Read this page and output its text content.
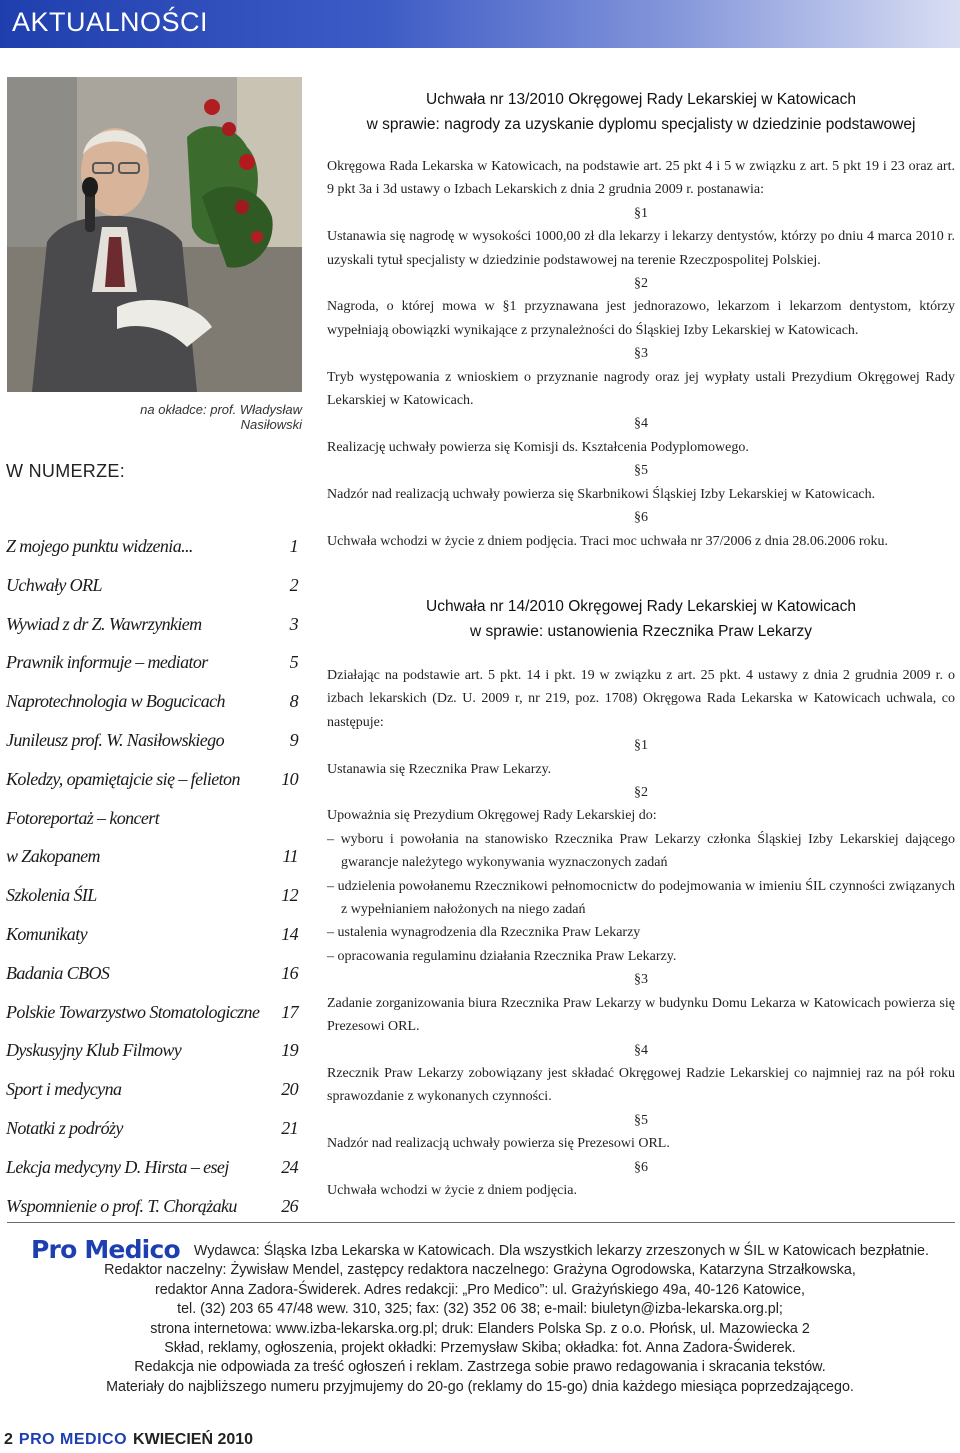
AKTUALNOŚCI
na okładce: prof. Władysław Nasiłowski
W NUMERZE:
Z mojego punktu widzenia...	1
Uchwały ORL	2
Wywiad z dr Z. Wawrzynkiem	3
Prawnik informuje – mediator	5
Naprotechnologia w Bogucicach	8
Junileusz prof. W. Nasiłowskiego	9
Koledzy, opamiętajcie się – felieton 10
Fotoreportaż – koncert
w Zakopanem	11
Szkolenia ŚIL	12
Komunikaty	14
Badania CBOS	16
Polskie Towarzystwo Stomatologiczne 17
Dyskusyjny Klub Filmowy	19
Sport i medycyna	20
Notatki z podróży	21
Lekcja medycyny D. Hirsta – esej	24
Wspomnienie o prof. T. Chorążaku 26
Uchwała nr 13/2010 Okręgowej Rady Lekarskiej w Katowicach
w sprawie: nagrody za uzyskanie dyplomu specjalisty w dziedzinie podstawowej

Okręgowa Rada Lekarska w Katowicach, na podstawie art. 25 pkt 4 i 5 w związku z art. 5 pkt 19 i 23 oraz art. 9 pkt 3a i 3d ustawy o Izbach Lekarskich z dnia 2 grudnia 2009 r. postanawia:

§1

Ustanawia się nagrodę w wysokości 1000,00 zł dla lekarzy i lekarzy dentystów, którzy po dniu 4 marca 2010 r. uzyskali tytuł specjalisty w dziedzinie podstawowej na terenie Rzeczpospolitej Polskiej.

§2

Nagroda, o której mowa w §1 przyznawana jest jednorazowo, lekarzom i lekarzom dentystom, którzy wypełniają obowiązki wynikające z przynależności do Śląskiej Izby Lekarskiej w Katowicach.

§3

Tryb występowania z wnioskiem o przyznanie nagrody oraz jej wypłaty ustali Prezydium Okręgowej Rady Lekarskiej w Katowicach.

§4

Realizację uchwały powierza się Komisji ds. Kształcenia Podyplomowego.

§5

Nadzór nad realizacją uchwały powierza się Skarbnikowi Śląskiej Izby Lekarskiej w Katowicach.

§6

Uchwała wchodzi w życie z dniem podjęcia. Traci moc uchwała nr 37/2006 z dnia 28.06.2006 roku.

Uchwała nr 14/2010 Okręgowej Rady Lekarskiej w Katowicach
w sprawie: ustanowienia Rzecznika Praw Lekarzy

Działając na podstawie art. 5 pkt. 14 i pkt. 19 w związku z art. 25 pkt. 4 ustawy z dnia 2 grudnia 2009 r. o izbach lekarskich (Dz. U. 2009 r, nr 219, poz. 1708) Okręgowa Rada Lekarska w Katowicach uchwala, co następuje:

§1

Ustanawia się Rzecznika Praw Lekarzy.

§2

Upoważnia się Prezydium Okręgowej Rady Lekarskiej do:

– wyboru i powołania na stanowisko Rzecznika Praw Lekarzy członka Śląskiej Izby Lekarskiej dającego gwarancje należytego wykonywania wyznaczonych zadań

– udzielenia powołanemu Rzecznikowi pełnomocnictw do podejmowania w imieniu ŚIL czynności związanych z wypełnianiem nałożonych na niego zadań

– ustalenia wynagrodzenia dla Rzecznika Praw Lekarzy

– opracowania regulaminu działania Rzecznika Praw Lekarzy.

§3

Zadanie zorganizowania biura Rzecznika Praw Lekarzy w budynku Domu Lekarza w Katowicach powierza się Prezesowi ORL.

§4

Rzecznik Praw Lekarzy zobowiązany jest składać Okręgowej Radzie Lekarskiej co najmniej raz na pół roku sprawozdanie z wykonanych czynności.

§5

Nadzór nad realizacją uchwały powierza się Prezesowi ORL.

§6

Uchwała wchodzi w życie z dniem podjęcia.

Pro Medico Wydawca: Śląska Izba Lekarska w Katowicach. Dla wszystkich lekarzy zrzeszonych w ŚIL w Katowicach bezpłatnie.
Redaktor naczelny: Żywisław Mendel, zastępcy redaktora naczelnego: Grażyna Ogrodowska, Katarzyna Strzałkowska,
redaktor Anna Zadora-Świderek. Adres redakcji: „Pro Medico”: ul. Grażyńskiego 49a, 40-126 Katowice,
tel. (32) 203 65 47/48 wew. 310, 325; fax: (32) 352 06 38; e-mail: biuletyn@izba-lekarska.org.pl;
strona internetowa: www.izba-lekarska.org.pl; druk: Elanders Polska Sp. z o.o. Płońsk, ul. Mazowiecka 2
Skład, reklamy, ogłoszenia, projekt okładki: Przemysław Skiba; okładka: fot. Anna Zadora-Świderek.
Redakcja nie odpowiada za treść ogłoszeń i reklam. Zastrzega sobie prawo redagowania i skracania tekstów.
Materiały do najbliższego numeru przyjmujemy do 20-go (reklamy do 15-go) dnia każdego miesiąca poprzedzającego.
2 PRO MEDICO KWIECIEŃ 2010
